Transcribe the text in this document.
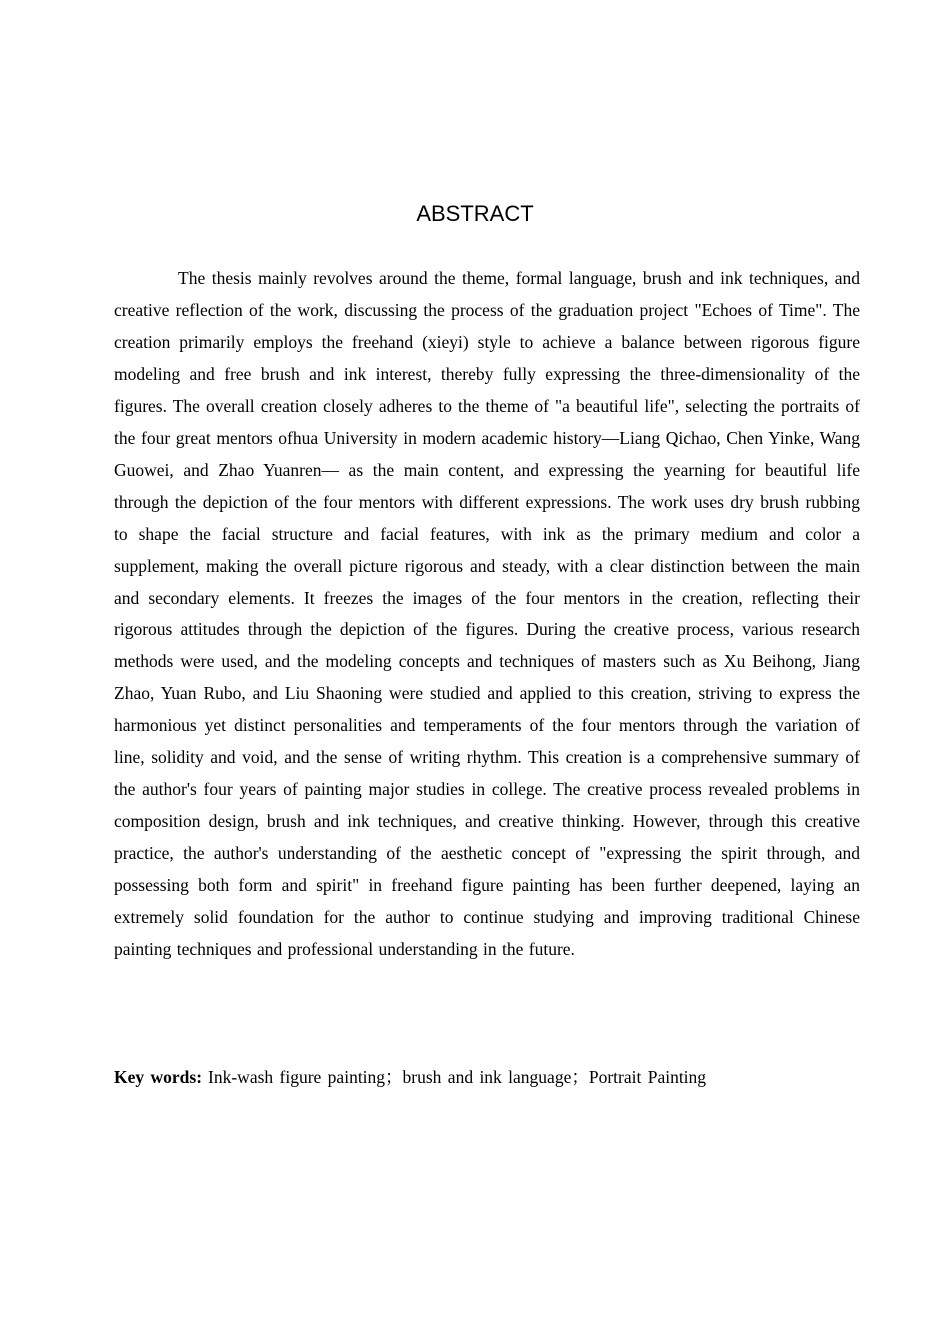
ABSTRACT

The thesis mainly revolves around the theme, formal language, brush and ink techniques, and creative reflection of the work, discussing the process of the graduation project "Echoes of Time". The creation primarily employs the freehand (xieyi) style to achieve a balance between rigorous figure modeling and free brush and ink interest, thereby fully expressing the three-dimensionality of the figures. The overall creation closely adheres to the theme of "a beautiful life", selecting the portraits of the four great mentors ofhua University in modern academic history—Liang Qichao, Chen Yinke, Wang Guowei, and Zhao Yuanren— as the main content, and expressing the yearning for beautiful life through the depiction of the four mentors with different expressions. The work uses dry brush rubbing to shape the facial structure and facial features, with ink as the primary medium and color a supplement, making the overall picture rigorous and steady, with a clear distinction between the main and secondary elements. It freezes the images of the four mentors in the creation, reflecting their rigorous attitudes through the depiction of the figures. During the creative process, various research methods were used, and the modeling concepts and techniques of masters such as Xu Beihong, Jiang Zhao, Yuan Rubo, and Liu Shaoning were studied and applied to this creation, striving to express the harmonious yet distinct personalities and temperaments of the four mentors through the variation of line, solidity and void, and the sense of writing rhythm. This creation is a comprehensive summary of the author's four years of painting major studies in college. The creative process revealed problems in composition design, brush and ink techniques, and creative thinking. However, through this creative practice, the author's understanding of the aesthetic concept of "expressing the spirit through, and possessing both form and spirit" in freehand figure painting has been further deepened, laying an extremely solid foundation for the author to continue studying and improving traditional Chinese painting techniques and professional understanding in the future.

Key words: Ink-wash figure painting；brush and ink language；Portrait Painting
